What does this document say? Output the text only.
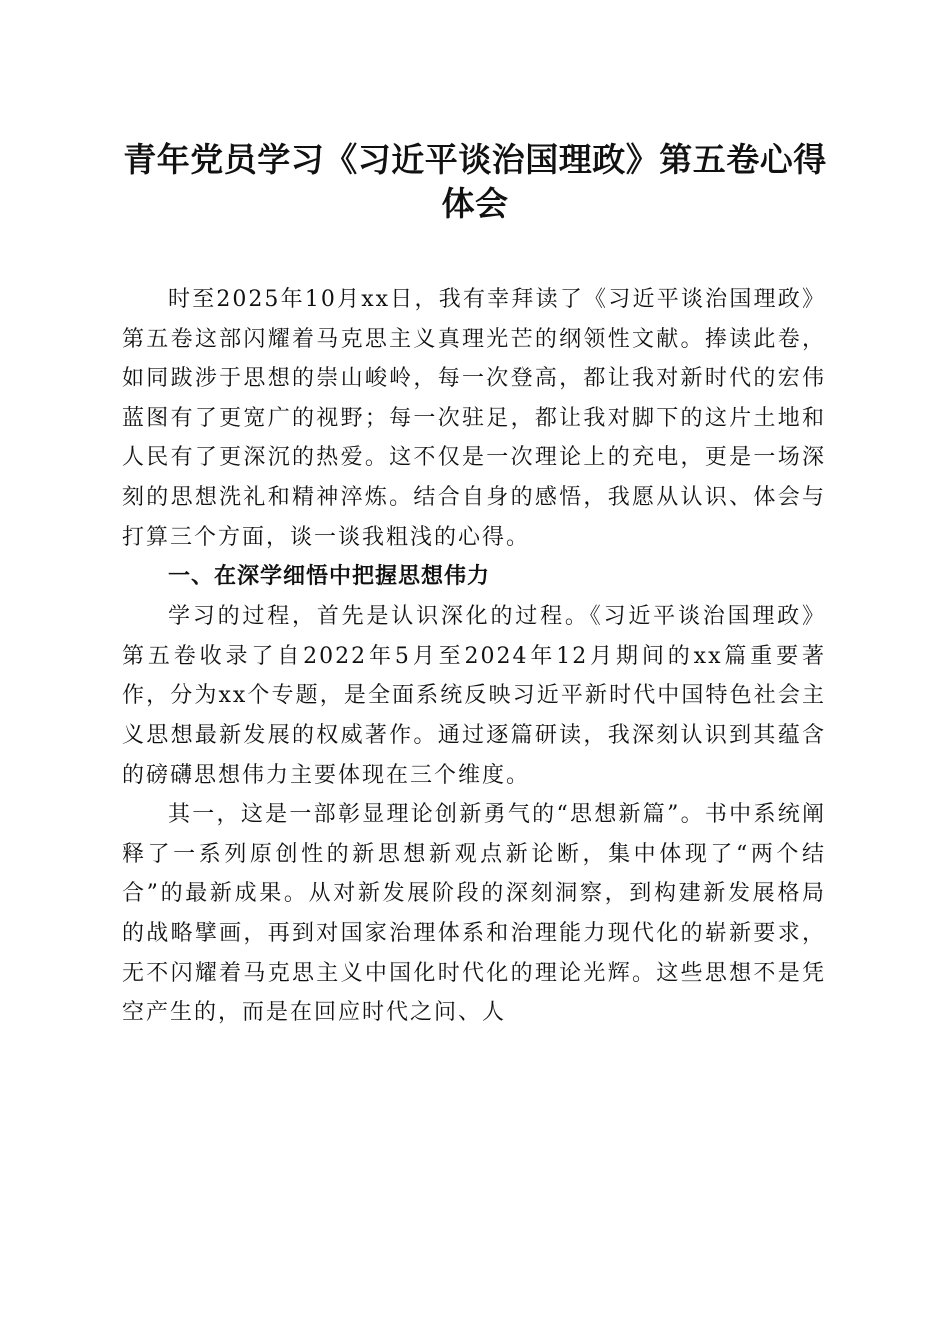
青年党员学习《习近平谈治国理政》第五卷心得体会

时至2025年10月xx日，我有幸拜读了《习近平谈治国理政》第五卷这部闪耀着马克思主义真理光芒的纲领性文献。捧读此卷，如同跋涉于思想的崇山峻岭，每一次登高，都让我对新时代的宏伟蓝图有了更宽广的视野；每一次驻足，都让我对脚下的这片土地和人民有了更深沉的热爱。这不仅是一次理论上的充电，更是一场深刻的思想洗礼和精神淬炼。结合自身的感悟，我愿从认识、体会与打算三个方面，谈一谈我粗浅的心得。

一、在深学细悟中把握思想伟力

学习的过程，首先是认识深化的过程。《习近平谈治国理政》第五卷收录了自2022年5月至2024年12月期间的xx篇重要著作，分为xx个专题，是全面系统反映习近平新时代中国特色社会主义思想最新发展的权威著作。通过逐篇研读，我深刻认识到其蕴含的磅礴思想伟力主要体现在三个维度。

其一，这是一部彰显理论创新勇气的“思想新篇”。书中系统阐释了一系列原创性的新思想新观点新论断，集中体现了“两个结合”的最新成果。从对新发展阶段的深刻洞察，到构建新发展格局的战略擘画，再到对国家治理体系和治理能力现代化的崭新要求，无不闪耀着马克思主义中国化时代化的理论光辉。这些思想不是凭空产生的，而是在回应时代之问、人
